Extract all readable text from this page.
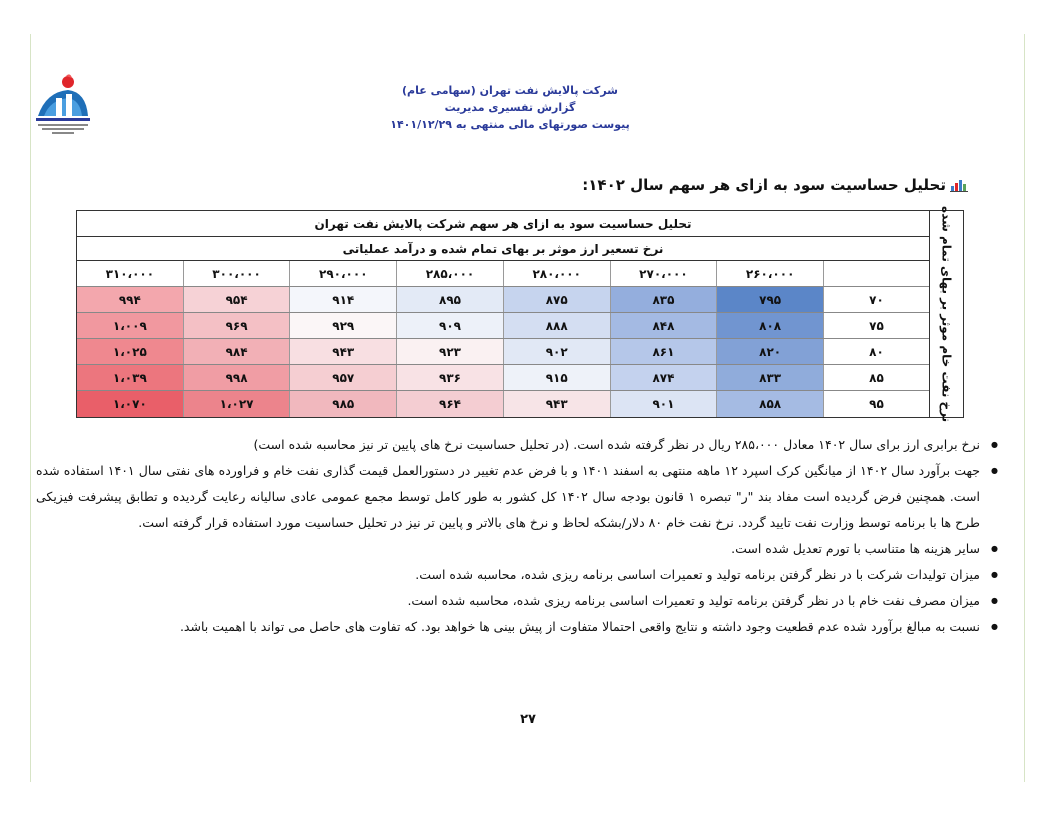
شرکت پالایش نفت تهران (سهامی عام)
گزارش تفسیری مدیریت
پیوست صورتهای مالی منتهی به ۱۴۰۱/۱۲/۲۹
تحلیل حساسیت سود به ازای هر سهم سال ۱۴۰۲:
نرخ نفت خام موثر بر بهای تمام شده
تحلیل حساسیت سود به ازای هر سهم شرکت پالایش نفت تهران
نرخ تسعیر ارز موثر بر بهای تمام شده و درآمد عملیاتی
۲۶۰،۰۰۰
۲۷۰،۰۰۰
۲۸۰،۰۰۰
۲۸۵،۰۰۰
۲۹۰،۰۰۰
۳۰۰،۰۰۰
۳۱۰،۰۰۰
۷۰
۷۹۵
۸۳۵
۸۷۵
۸۹۵
۹۱۴
۹۵۴
۹۹۴
۷۵
۸۰۸
۸۴۸
۸۸۸
۹۰۹
۹۲۹
۹۶۹
۱،۰۰۹
۸۰
۸۲۰
۸۶۱
۹۰۲
۹۲۳
۹۴۳
۹۸۴
۱،۰۲۵
۸۵
۸۳۳
۸۷۴
۹۱۵
۹۳۶
۹۵۷
۹۹۸
۱،۰۳۹
۹۵
۸۵۸
۹۰۱
۹۴۳
۹۶۴
۹۸۵
۱،۰۲۷
۱،۰۷۰
● نرخ برابری ارز برای سال ۱۴۰۲ معادل ۲۸۵،۰۰۰ ریال در نظر گرفته شده است. (در تحلیل حساسیت نرخ های پایین تر نیز محاسبه شده است)
● جهت برآورد سال ۱۴۰۲ از میانگین کرک اسپرد ۱۲ ماهه منتهی به اسفند ۱۴۰۱ و با فرض عدم تغییر در دستورالعمل قیمت گذاری نفت خام و فراورده های نفتی سال ۱۴۰۱ استفاده شده است. همچنین فرض گردیده است مفاد بند "ر" تبصره ۱ قانون بودجه سال ۱۴۰۲ کل کشور به طور کامل توسط مجمع عمومی عادی سالیانه رعایت گردیده و تطابق پیشرفت فیزیکی طرح ها با برنامه توسط وزارت نفت تایید گردد. نرخ نفت خام ۸۰ دلار/بشکه لحاظ و نرخ های بالاتر و پایین تر نیز در تحلیل حساسیت مورد استفاده قرار گرفته است.
● سایر هزینه ها متناسب با تورم تعدیل شده است.
● میزان تولیدات شرکت با در نظر گرفتن برنامه تولید و تعمیرات اساسی برنامه ریزی شده، محاسبه شده است.
● میزان مصرف نفت خام با در نظر گرفتن برنامه تولید و تعمیرات اساسی برنامه ریزی شده، محاسبه شده است.
● نسبت به مبالغ برآورد شده عدم قطعیت وجود داشته و نتایج واقعی احتمالا متفاوت از پیش بینی ها خواهد بود. که تفاوت های حاصل می تواند با اهمیت باشد.
۲۷
